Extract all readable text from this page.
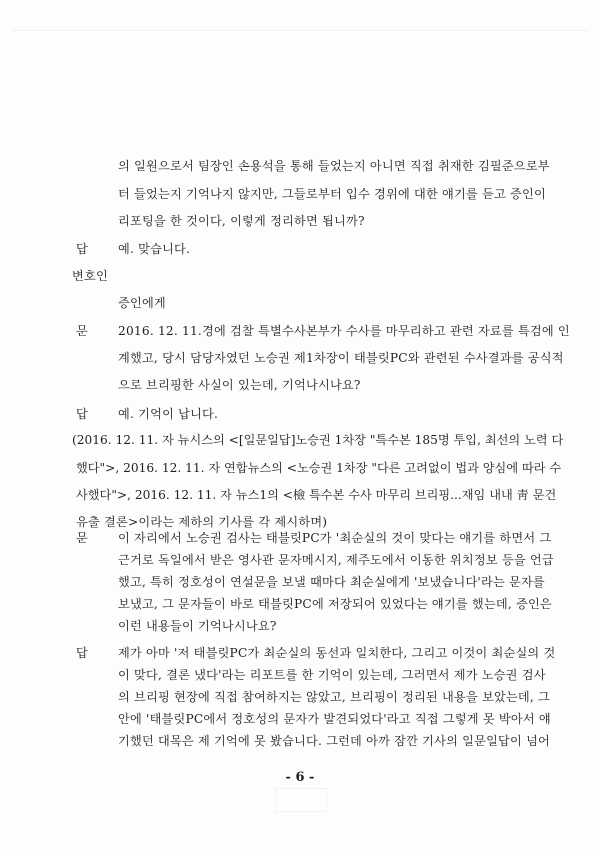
의 일원으로서 팀장인 손용석을 통해 들었는지 아니면 직접 취재한 김필준으로부
터 들었는지 기억나지 않지만, 그들로부터 입수 경위에 대한 얘기를 듣고 증인이
리포팅을 한 것이다, 이렇게 정리하면 됩니까?
답 예. 맞습니다.
변호인
증인에게
문 2016. 12. 11.경에 검찰 특별수사본부가 수사를 마무리하고 관련 자료를 특검에 인
계했고, 당시 담당자였던 노승권 제1차장이 태블릿PC와 관련된 수사결과를 공식적
으로 브리핑한 사실이 있는데, 기억나시나요?
답 예. 기억이 납니다.
(2016. 12. 11. 자 뉴시스의 <[일문일답]노승권 1차장 "특수본 185명 투입, 최선의 노력 다
했다">, 2016. 12. 11. 자 연합뉴스의 <노승권 1차장 "다른 고려없이 법과 양심에 따라 수
사했다">, 2016. 12. 11. 자 뉴스1의 <檢 특수본 수사 마무리 브리핑...재임 내내 靑 문건
유출 결론>이라는 제하의 기사를 각 제시하며)
문 이 자리에서 노승권 검사는 태블릿PC가 '최순실의 것이 맞다는 얘기를 하면서 그
근거로 독일에서 받은 영사관 문자메시지, 제주도에서 이동한 위치정보 등을 언급
했고, 특히 정호성이 연설문을 보낼 때마다 최순실에게 '보냈습니다'라는 문자를
보냈고, 그 문자들이 바로 태블릿PC에 저장되어 있었다는 얘기를 했는데, 증인은
이런 내용들이 기억나시나요?
답 제가 아마 '저 태블릿PC가 최순실의 동선과 일치한다, 그리고 이것이 최순실의 것
이 맞다, 결론 냈다'라는 리포트를 한 기억이 있는데, 그러면서 제가 노승권 검사
의 브리핑 현장에 직접 참여하지는 않았고, 브리핑이 정리된 내용을 보았는데, 그
- 6 -
안에 '태블릿PC에서 정호성의 문자가 발견되었다'라고 직접 그렇게 못 박아서 얘
기했던 대목은 제 기억에 못 봤습니다. 그런데 아까 잠깐 기사의 일문일답이 넘어
